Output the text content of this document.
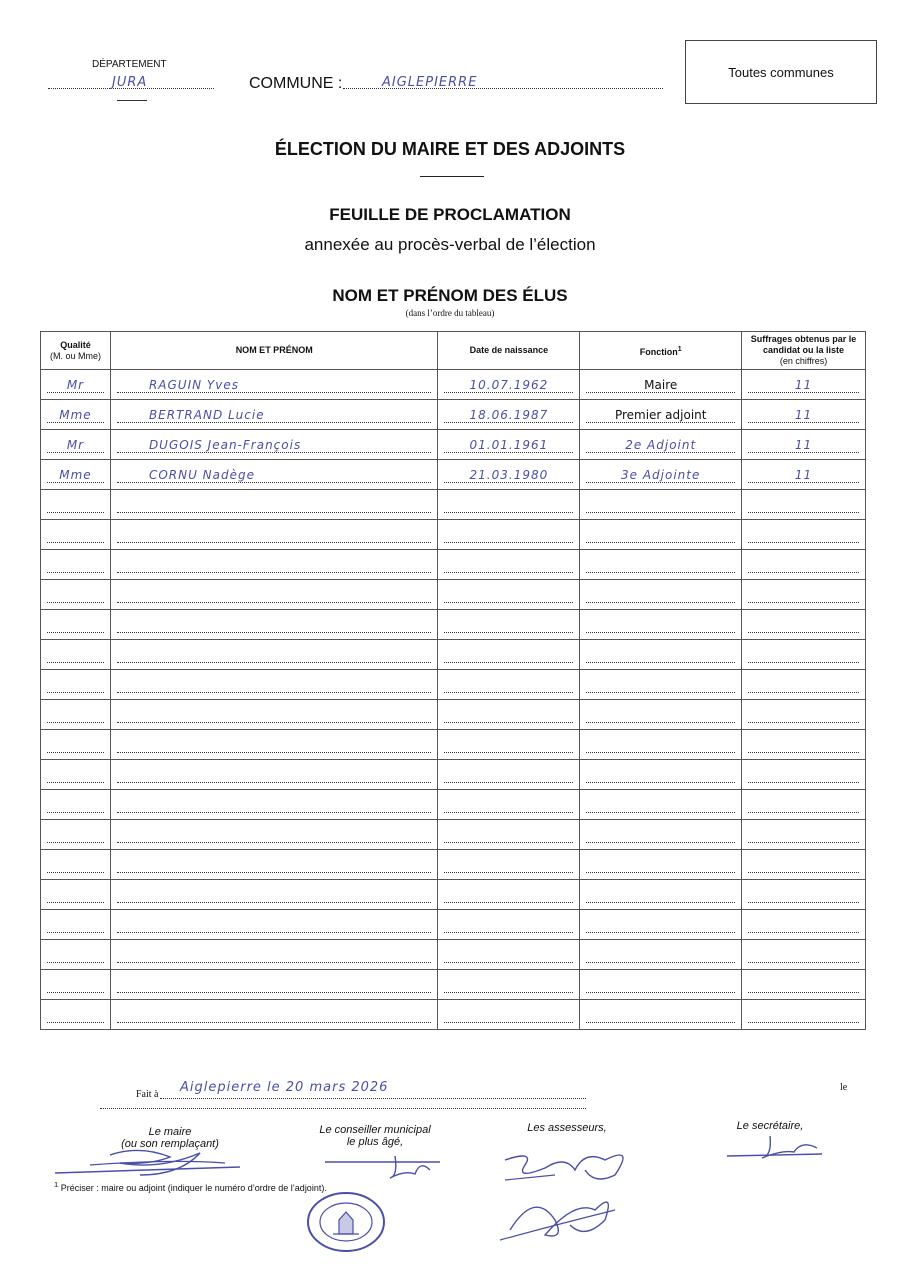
DÉPARTEMENT
JURA	COMMUNE :	AIGLEPIERRE
Toutes communes
ÉLECTION DU MAIRE ET DES ADJOINTS
FEUILLE DE PROCLAMATION
annexée au procès-verbal de l’élection
NOM ET PRÉNOM DES ÉLUS
(dans l’ordre du tableau)
Qualité
(M. ou Mme)	NOM ET PRÉNOM	Date de naissance	Fonction$^1$	Suffrages obtenus par le candidat ou la liste
(en chiffres)

Mr	RAGUIN Yves	10.07.1962	Maire	11

Mme	BERTRAND Lucie	18.06.1987	Premier adjoint	11

Mr	DUGOIS Jean-François	01.01.1961	2e Adjoint	11

Mme	CORNU Nadège	21.03.1980	3e Adjointe	11

Fait à Aiglepierre le 20 mars 2026	le
Le maire
(ou son remplaçant)
Le conseiller municipal
le plus âgé,
Les assesseurs,	Le secrétaire,
$^1$ Préciser : maire ou adjoint (indiquer le numéro d’ordre de l’adjoint).
